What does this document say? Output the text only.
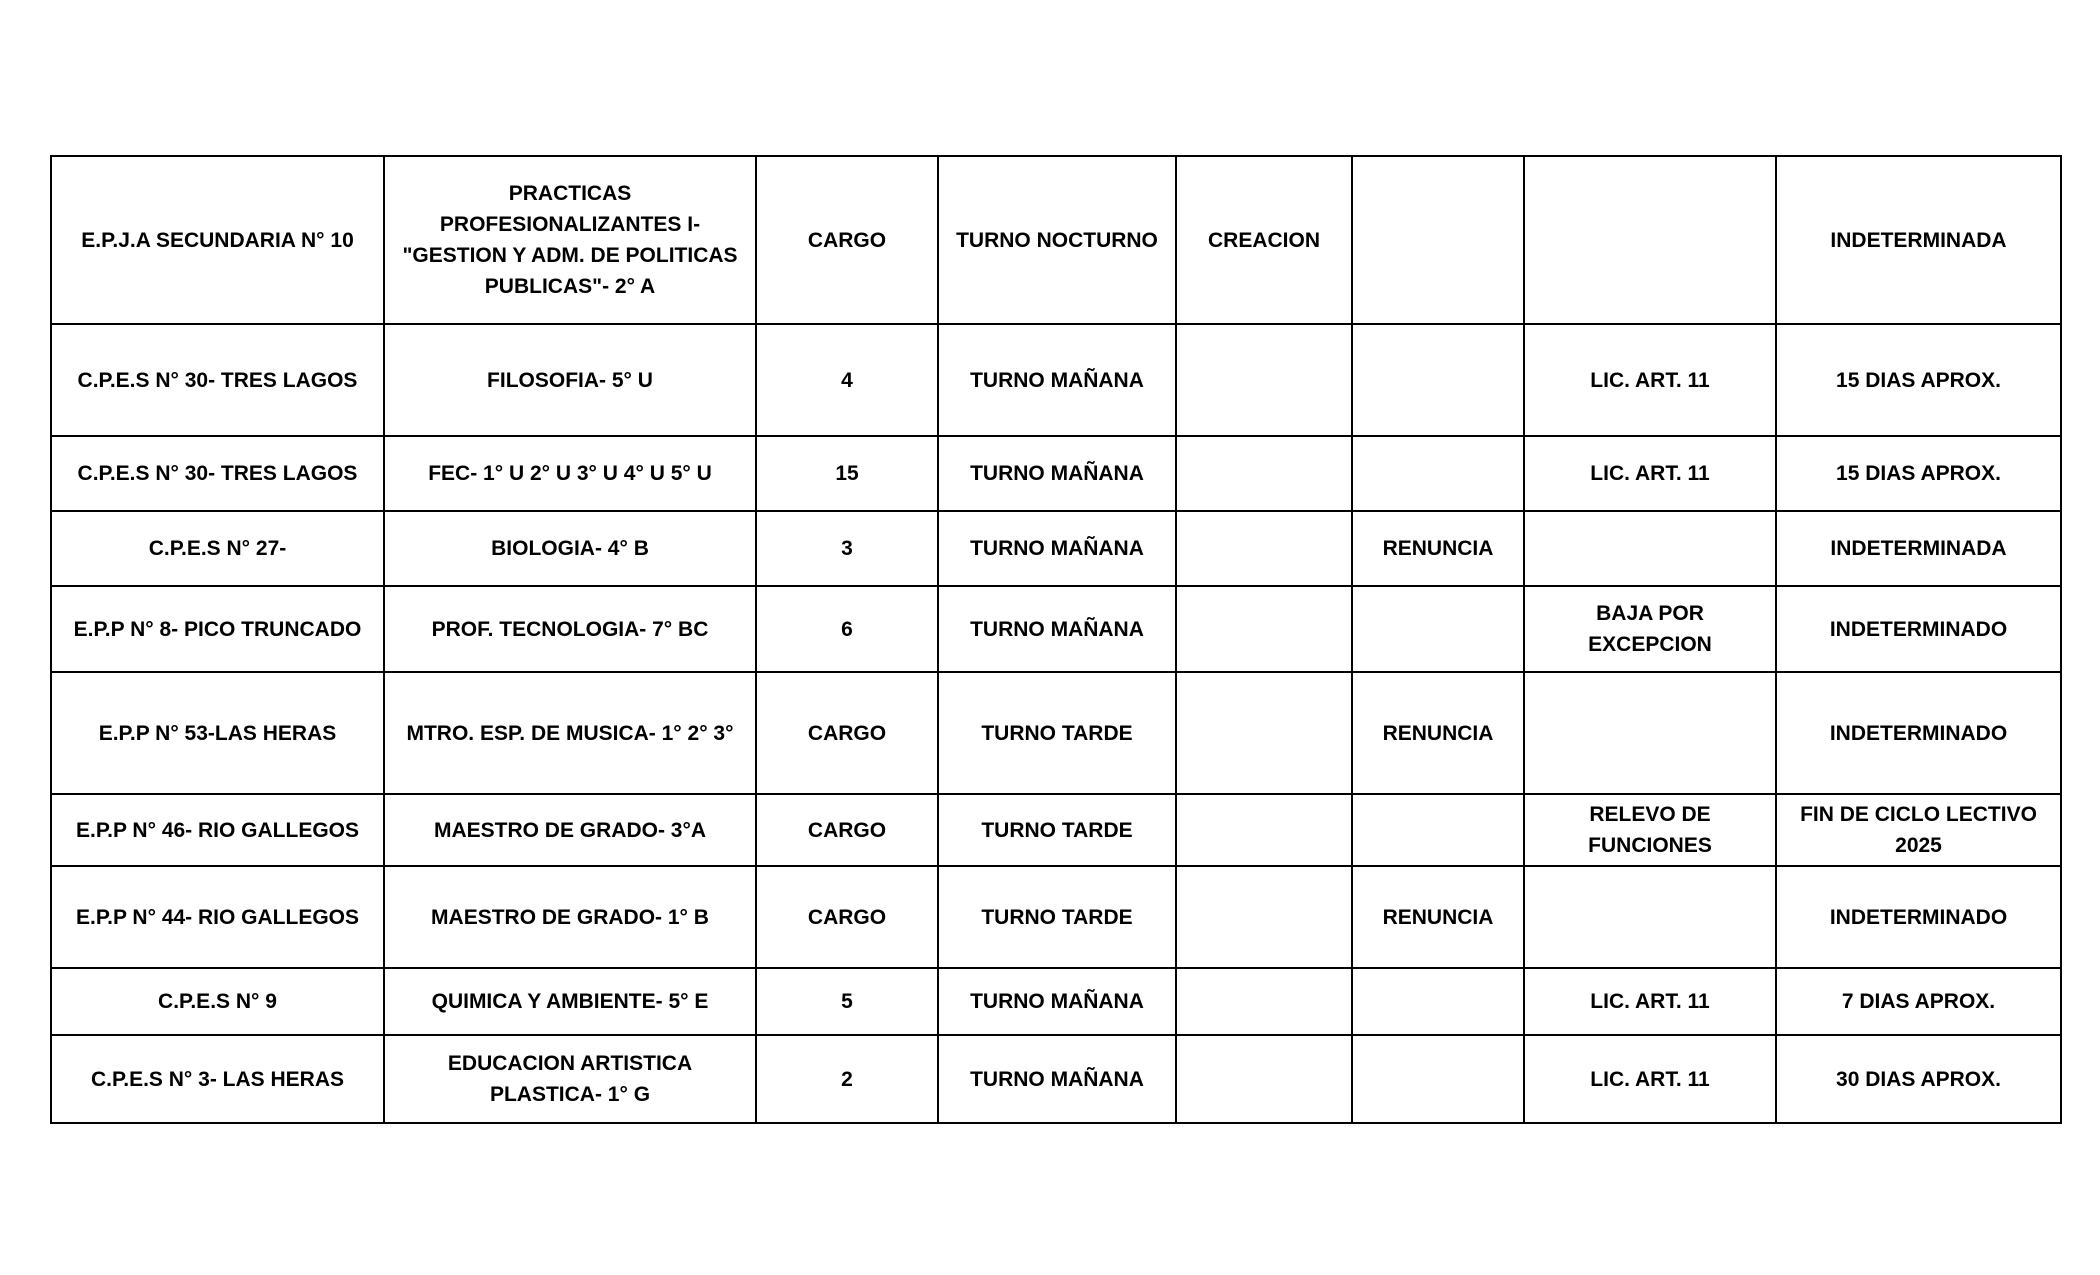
E.P.J.A SECUNDARIA N° 10	PRACTICAS PROFESIONALIZANTES I- "GESTION Y ADM. DE POLITICAS PUBLICAS"- 2° A	CARGO	TURNO NOCTURNO	CREACION			INDETERMINADA
C.P.E.S N° 30- TRES LAGOS	FILOSOFIA- 5° U	4	TURNO MAÑANA			LIC. ART. 11	15 DIAS APROX.
C.P.E.S N° 30- TRES LAGOS	FEC- 1° U 2° U 3° U 4° U 5° U	15	TURNO MAÑANA			LIC. ART. 11	15 DIAS APROX.
C.P.E.S N° 27-	BIOLOGIA- 4° B	3	TURNO MAÑANA		RENUNCIA		INDETERMINADA
E.P.P N° 8- PICO TRUNCADO	PROF. TECNOLOGIA- 7° BC	6	TURNO MAÑANA			BAJA POR EXCEPCION	INDETERMINADO
E.P.P N° 53-LAS HERAS	MTRO. ESP. DE MUSICA- 1° 2° 3°	CARGO	TURNO TARDE		RENUNCIA		INDETERMINADO
E.P.P N° 46- RIO GALLEGOS	MAESTRO DE GRADO- 3°A	CARGO	TURNO TARDE			RELEVO DE FUNCIONES	FIN DE CICLO LECTIVO 2025
E.P.P N° 44- RIO GALLEGOS	MAESTRO DE GRADO- 1° B	CARGO	TURNO TARDE		RENUNCIA		INDETERMINADO
C.P.E.S N° 9	QUIMICA Y AMBIENTE- 5° E	5	TURNO MAÑANA			LIC. ART. 11	7 DIAS APROX.
C.P.E.S N° 3- LAS HERAS	EDUCACION ARTISTICA PLASTICA- 1° G	2	TURNO MAÑANA			LIC. ART. 11	30 DIAS APROX.
